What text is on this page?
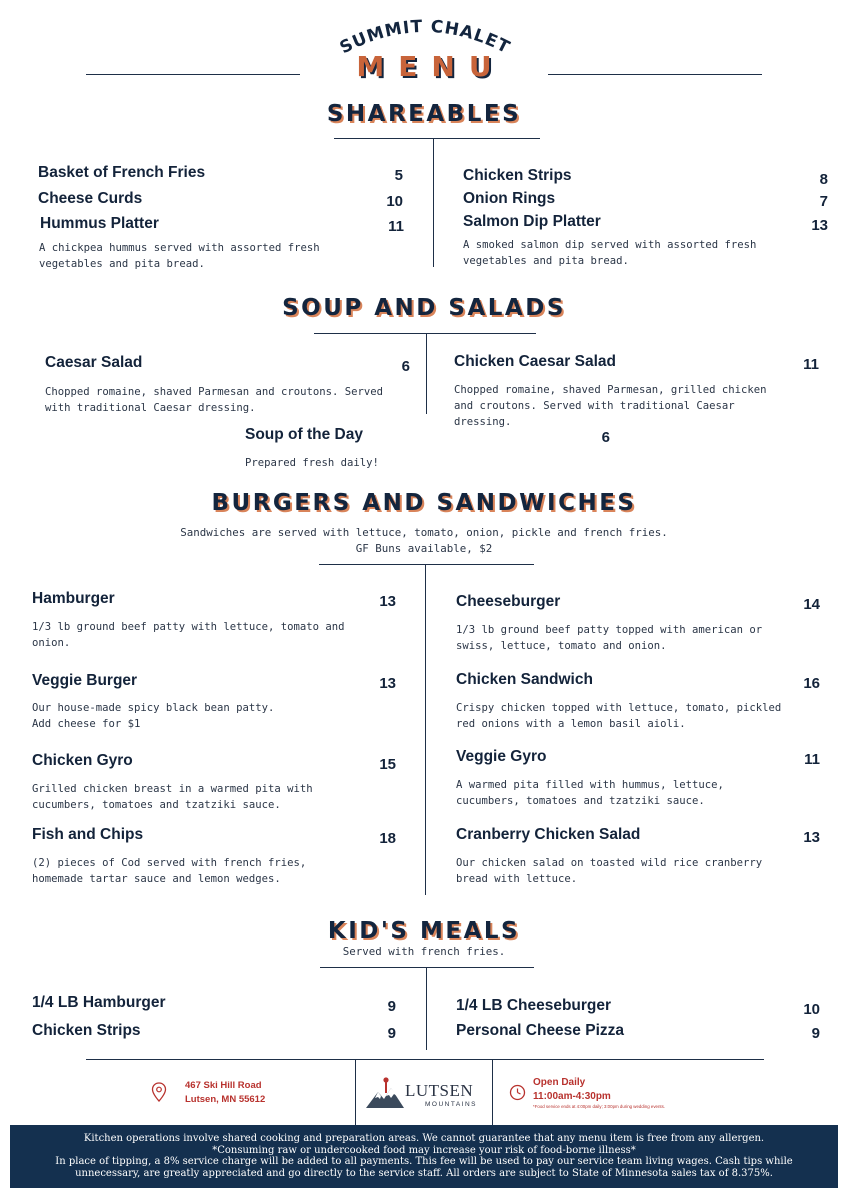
SUMMIT CHALET
MENU
SHAREABLES
Basket of French Fries	5
Cheese Curds	10
Hummus Platter	11
A chickpea hummus served with assorted fresh vegetables and pita bread.
Chicken Strips	8
Onion Rings	7
Salmon Dip Platter	13
A smoked salmon dip served with assorted fresh vegetables and pita bread.
SOUP AND SALADS
Caesar Salad	6
Chopped romaine, shaved Parmesan and croutons. Served with traditional Caesar dressing.
Chicken Caesar Salad	11
Chopped romaine, shaved Parmesan, grilled chicken and croutons. Served with traditional Caesar dressing.
Soup of the Day	6
Prepared fresh daily!
BURGERS AND SANDWICHES
Sandwiches are served with lettuce, tomato, onion, pickle and french fries.
GF Buns available, $2
Hamburger	13
1/3 lb ground beef patty with lettuce, tomato and onion.
Veggie Burger	13
Our house-made spicy black bean patty. Add cheese for $1
Chicken Gyro	15
Grilled chicken breast in a warmed pita with cucumbers, tomatoes and tzatziki sauce.
Fish and Chips	18
(2) pieces of Cod served with french fries, homemade tartar sauce and lemon wedges.
Cheeseburger	14
1/3 lb ground beef patty topped with american or swiss, lettuce, tomato and onion.
Chicken Sandwich	16
Crispy chicken topped with lettuce, tomato, pickled red onions with a lemon basil aioli.
Veggie Gyro	11
A warmed pita filled with hummus, lettuce, cucumbers, tomatoes and tzatziki sauce.
Cranberry Chicken Salad	13
Our chicken salad on toasted wild rice cranberry bread with lettuce.
KID'S MEALS
Served with french fries.
1/4 LB Hamburger	9
Chicken Strips	9
1/4 LB Cheeseburger	10
Personal Cheese Pizza	9
467 Ski Hill Road
Lutsen, MN 55612	LUTSEN
MOUNTAINS
Open Daily
11:00am-4:30pm
*Food service ends at 4:00pm daily; 3:00pm during wedding events.
Kitchen operations involve shared cooking and preparation areas. We cannot guarantee that any menu item is free from any allergen.
*Consuming raw or undercooked food may increase your risk of food-borne illness*
In place of tipping, a 8% service charge will be added to all payments. This fee will be used to pay our service team living wages. Cash tips while
unnecessary, are greatly appreciated and go directly to the service staff. All orders are subject to State of Minnesota sales tax of 8.375%.
